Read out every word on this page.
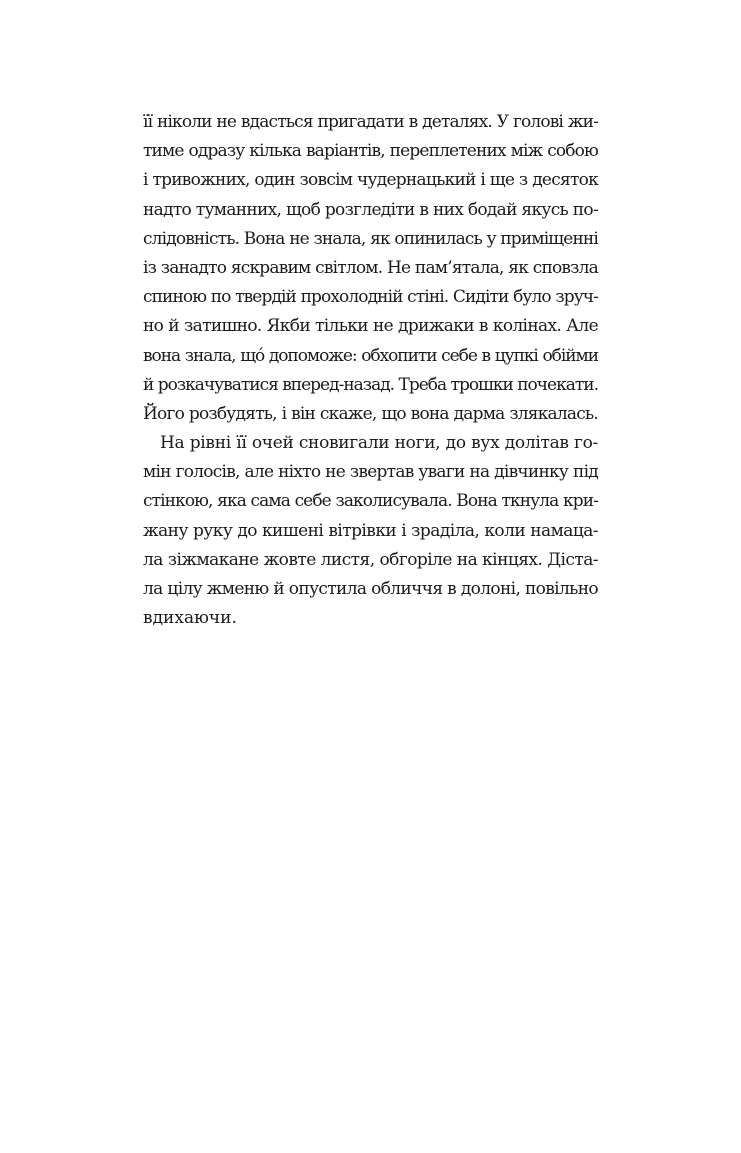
її ніколи не вдасться пригадати в деталях. У голові жи-
тиме одразу кілька варіантів, переплетених між собою
і тривожних, один зовсім чудернацький і ще з десяток
надто туманних, щоб розгледіти в них бодай якусь по-
слідовність. Вона не знала, як опинилась у приміщенні
із занадто яскравим світлом. Не пам’ятала, як сповзла
спиною по твердій прохолодній стіні. Сидіти було зруч-
но й затишно. Якби тільки не дрижаки в колінах. Але
вона знала, щó допоможе: обхопити себе в цупкі обійми
й розкачуватися вперед-назад. Треба трошки почекати.
Його розбудять, і він скаже, що вона дарма злякалась.
На рівні її очей сновигали ноги, до вух долітав го-
мін голосів, але ніхто не звертав уваги на дівчинку під
стінкою, яка сама себе заколисувала. Вона ткнула кри-
жану руку до кишені вітрівки і зраділа, коли намаца-
ла зіжмакане жовте листя, обгоріле на кінцях. Діста-
ла цілу жменю й опустила обличчя в долоні, повільно
вдихаючи.
